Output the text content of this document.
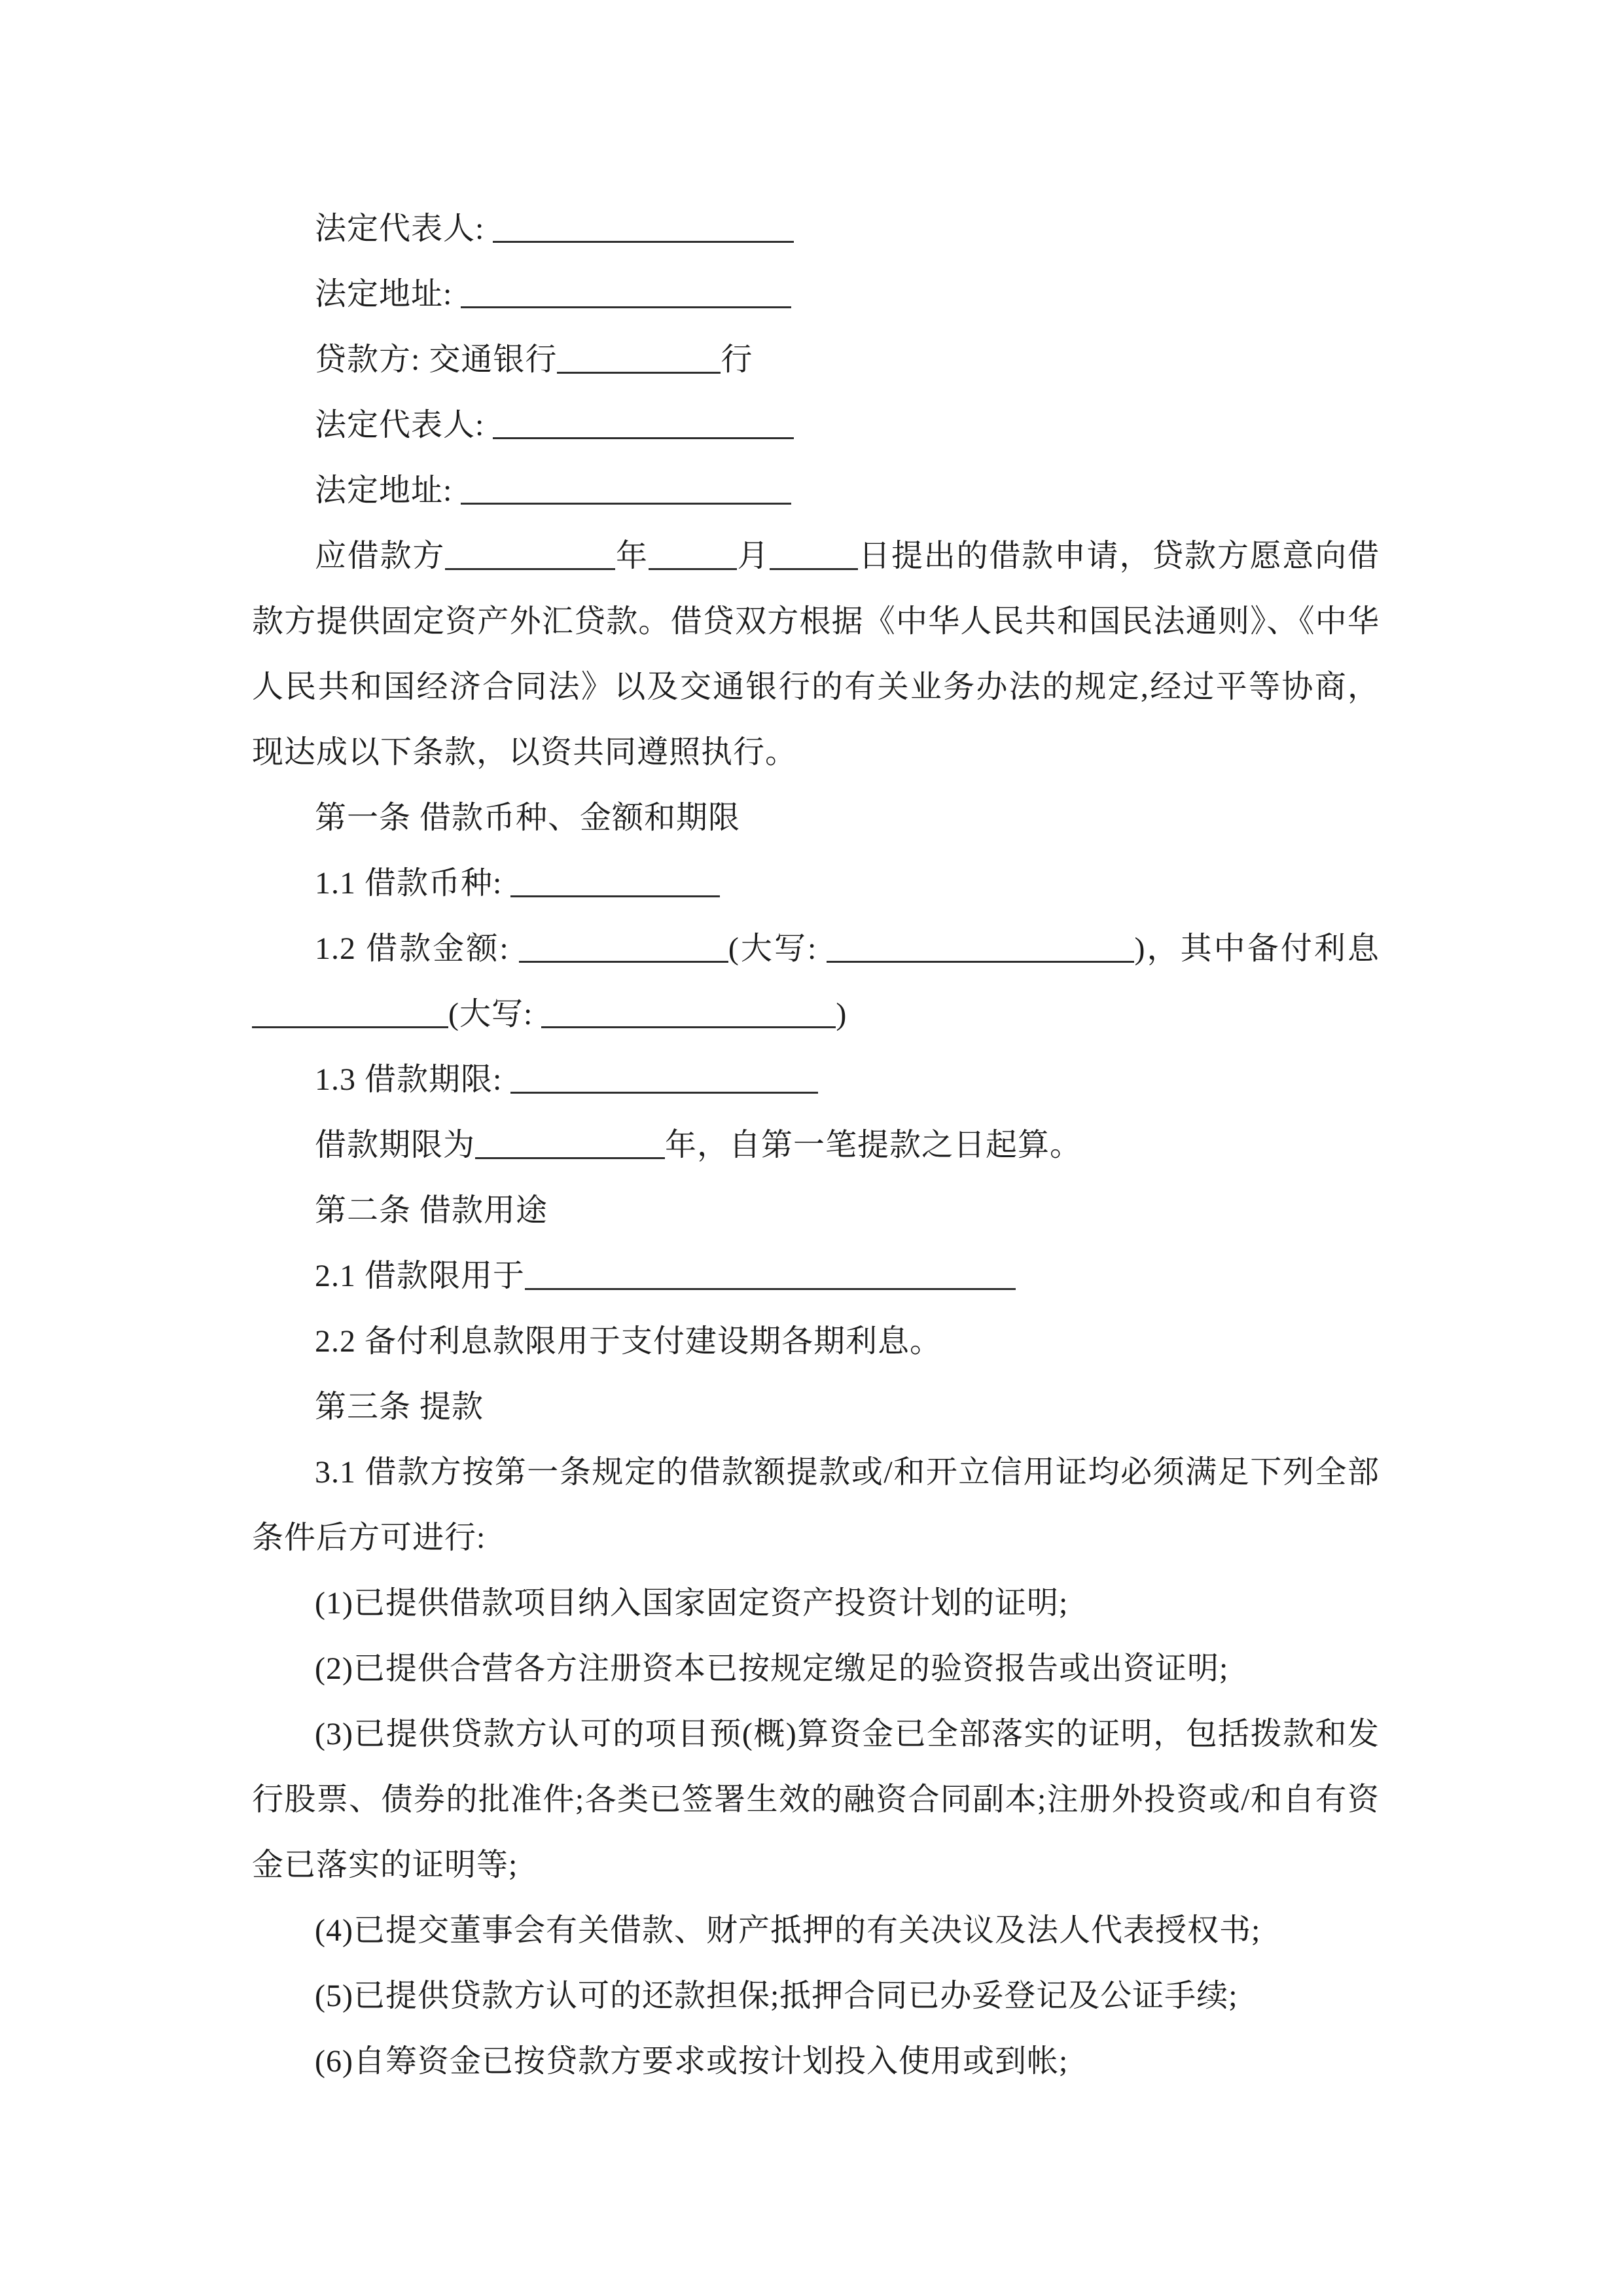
法定代表人:

法定地址:

贷款方: 交通银行	行

法定代表人:

法定地址:

应借款方	年	月	日提出的借款申请，贷款方愿意向借款方提供固定资产外汇贷款。借贷双方根据《中华人民共和国民法通则》、《中华人民共和国经济合同法》以及交通银行的有关业务办法的规定,经过平等协商，现达成以下条款，以资共同遵照执行。

第一条 借款币种、金额和期限

1.1 借款币种:

1.2 借款金额:	(大写:	)，其中备付利息(大写:	)

1.3 借款期限:

借款期限为	年，自第一笔提款之日起算。

第二条 借款用途

2.1 借款限用于

2.2 备付利息款限用于支付建设期各期利息。

第三条 提款

3.1 借款方按第一条规定的借款额提款或/和开立信用证均必须满足下列全部条件后方可进行:

(1)已提供借款项目纳入国家固定资产投资计划的证明;

(2)已提供合营各方注册资本已按规定缴足的验资报告或出资证明;

(3)已提供贷款方认可的项目预(概)算资金已全部落实的证明，包括拨款和发行股票、债券的批准件;各类已签署生效的融资合同副本;注册外投资或/和自有资金已落实的证明等;

(4)已提交董事会有关借款、财产抵押的有关决议及法人代表授权书;

(5)已提供贷款方认可的还款担保;抵押合同已办妥登记及公证手续;

(6)自筹资金已按贷款方要求或按计划投入使用或到帐;
